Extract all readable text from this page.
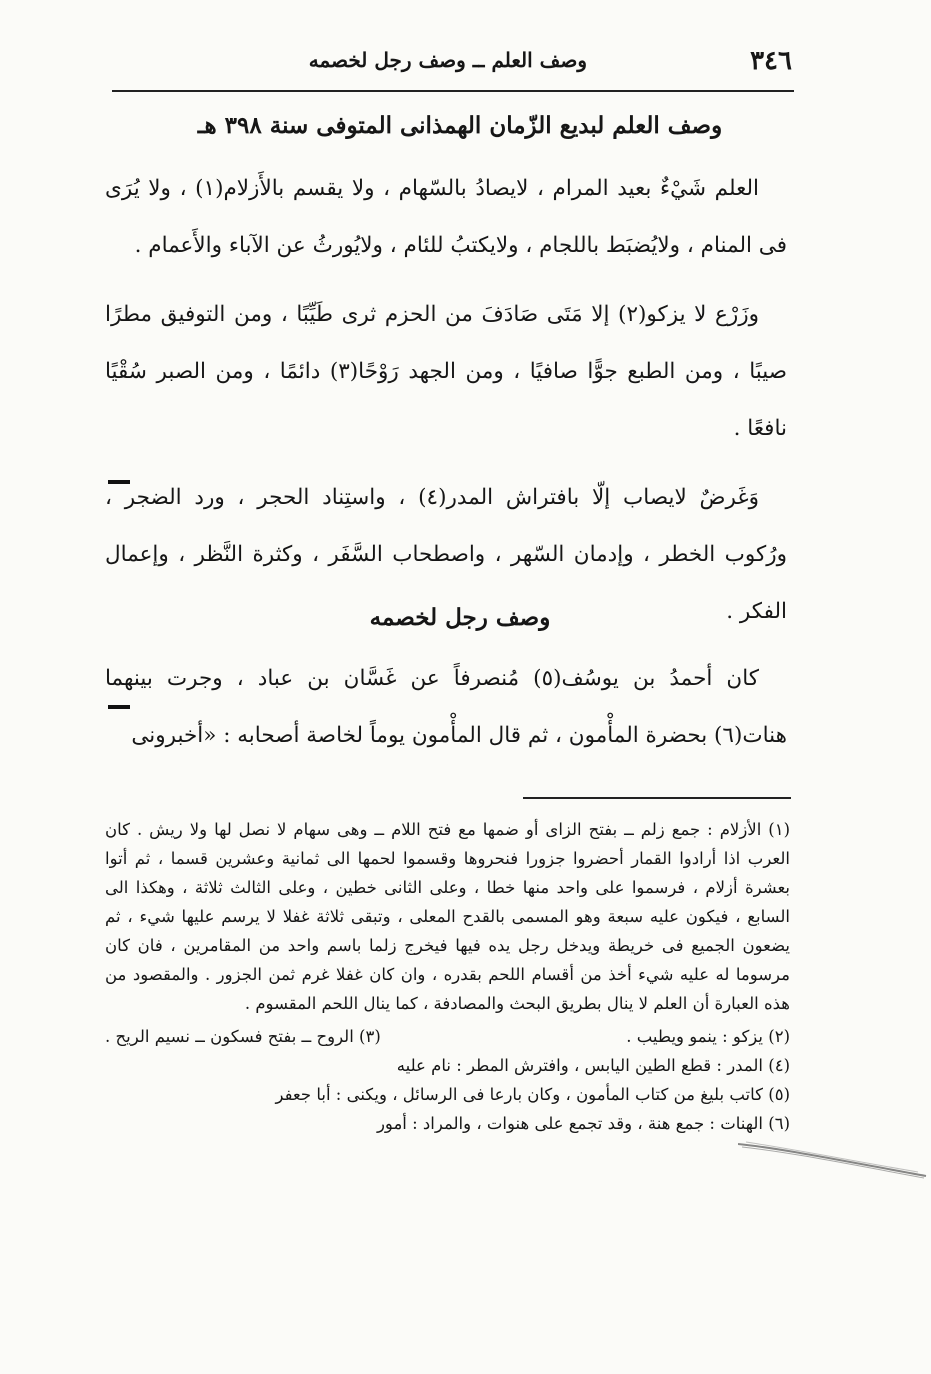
٣٤٦
وصف العلم ــ وصف رجل لخصمه
وصف العلم لبديع الزّمان الهمذانى المتوفى سنة ٣٩٨ هـ

العلم شَيْءٌ بعيد المرام ، لايصادُ بالسّهام ، ولا يقسم بالأَزلام(١) ، ولا يُرَى فى المنام ، ولايُضبَط باللجام ، ولايكتبُ للئام ، ولايُورثُ عن الآباء والأَعمام .

وزَرْع لا يزكو(٢) إلا مَتَى صَادَفَ من الحزم ثرى طَيِّبًا ، ومن التوفيق مطرًا صيبًا ، ومن الطبع جوًّا صافيًا ، ومن الجهد رَوْحًا(٣) دائمًا ، ومن الصبر سُقْيًا نافعًا .

وَغَرضٌ لايصاب إلّا بافتراش المدر(٤) ، واستِناد الحجر ، ورد الضجر ، ورُكوب الخطر ، وإدمان السّهر ، واصطحاب السَّفَر ، وكثرة النَّظر ، وإعمال الفكر .

وصف رجل لخصمه

كان أحمدُ بن يوسُف(٥) مُنصرفاً عن غَسَّان بن عباد ، وجرت بينهما هنات(٦) بحضرة المأْمون ، ثم قال المأْمون يوماً لخاصة أصحابه : «أخبرونى

(١) الأزلام : جمع زلم ــ بفتح الزاى أو ضمها مع فتح اللام ــ وهى سهام لا نصل لها ولا ريش . كان العرب اذا أرادوا القمار أحضروا جزورا فنحروها وقسموا لحمها الى ثمانية وعشرين قسما ، ثم أتوا بعشرة أزلام ، فرسموا على واحد منها خطا ، وعلى الثانى خطين ، وعلى الثالث ثلاثة ، وهكذا الى السابع ، فيكون عليه سبعة وهو المسمى بالقدح المعلى ، وتبقى ثلاثة غفلا لا يرسم عليها شيء ، ثم يضعون الجميع فى خريطة ويدخل رجل يده فيها فيخرج زلما باسم واحد من المقامرين ، فان كان مرسوما له عليه شيء أخذ من أقسام اللحم بقدره ، وان كان غفلا غرم ثمن الجزور . والمقصود من هذه العبارة أن العلم لا ينال بطريق البحث والمصادفة ، كما ينال اللحم المقسوم .

(٢) يزكو : ينمو ويطيب .
(٣) الروح ــ بفتح فسكون ــ نسيم الريح .

(٤) المدر : قطع الطين اليابس ، وافترش المطر : نام عليه

(٥) كاتب بليغ من كتاب المأمون ، وكان بارعا فى الرسائل ، ويكنى : أبا جعفر

(٦) الهنات : جمع هنة ، وقد تجمع على هنوات ، والمراد : أمور
